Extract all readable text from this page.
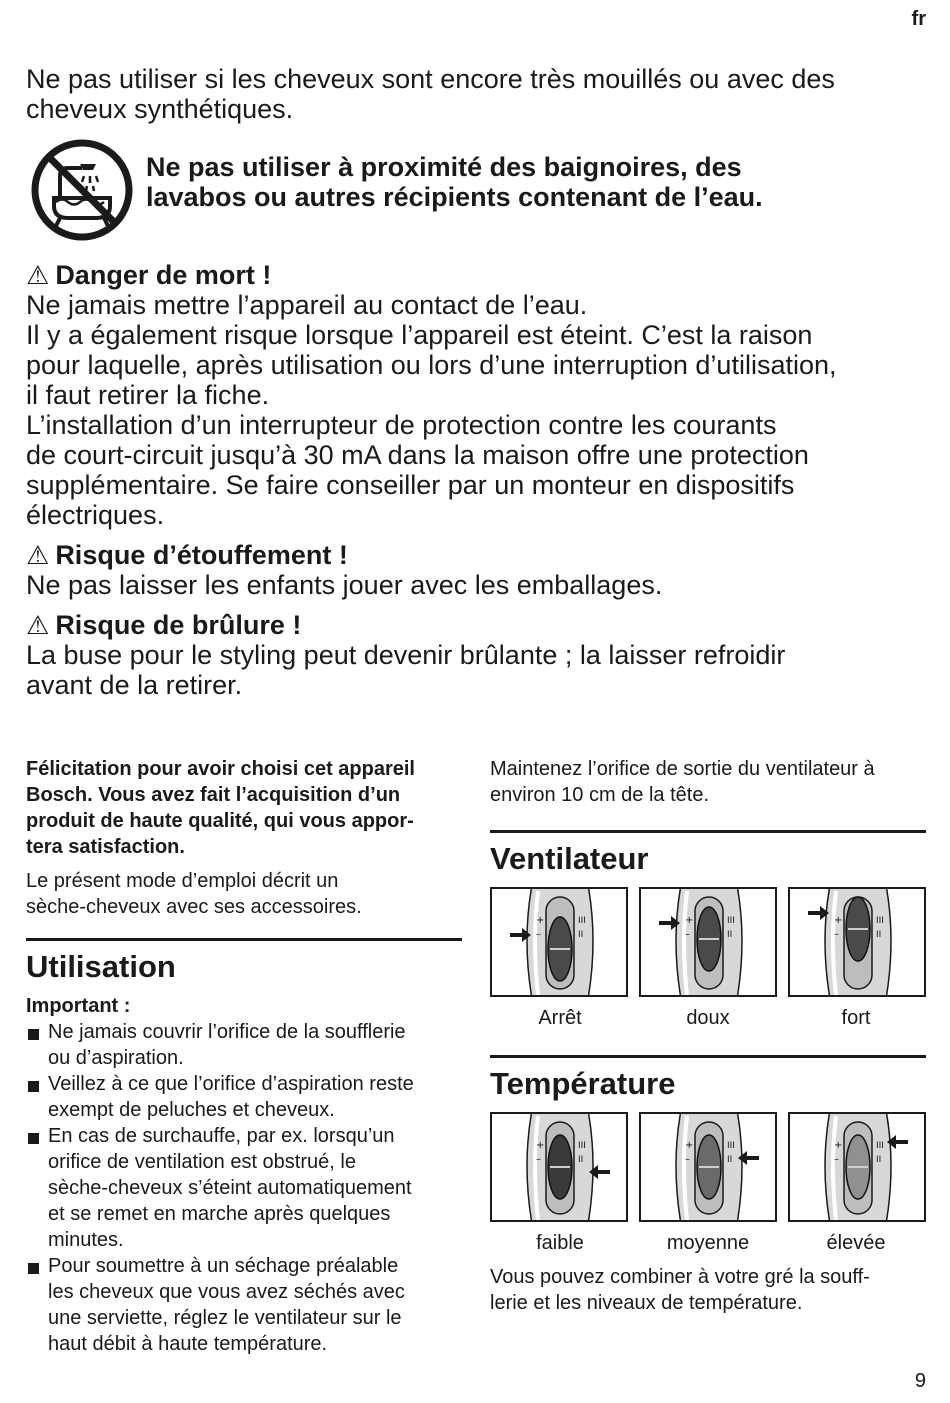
fr

Ne pas utiliser si les cheveux sont encore très mouillés ou avec des

cheveux synthétiques.

Ne pas utiliser à proximité des baignoires, des
lavabos ou autres récipients contenant de l’eau.

⚠ Danger de mort !

Ne jamais mettre l’appareil au contact de l’eau.

Il y a également risque lorsque l’appareil est éteint. C’est la raison

pour laquelle, après utilisation ou lors d’une interruption d’utilisation,

il faut retirer la fiche.

L’installation d’un interrupteur de protection contre les courants

de court-circuit jusqu’à 30 mA dans la maison offre une protection

supplémentaire. Se faire conseiller par un monteur en dispositifs

électriques.

⚠ Risque d’étouffement !

Ne pas laisser les enfants jouer avec les emballages.

⚠ Risque de brûlure !

La buse pour le styling peut devenir brûlante ; la laisser refroidir

avant de la retirer.

Félicitation pour avoir choisi cet appareil

Bosch. Vous avez fait l’acquisition d’un

produit de haute qualité, qui vous appor-

tera satisfaction.

Le présent mode d’emploi décrit un

sèche-cheveux avec ses accessoires.

Utilisation

Important :

Ne jamais couvrir l’orifice de la soufflerie
ou d’aspiration.
Veillez à ce que l’orifice d’aspiration reste
exempt de peluches et cheveux.
En cas de surchauffe, par ex. lorsqu’un
orifice de ventilation est obstrué, le
sèche-cheveux s’éteint automatiquement
et se remet en marche après quelques
minutes.
Pour soumettre à un séchage préalable
les cheveux que vous avez séchés avec
une serviette, réglez le ventilateur sur le
haut débit à haute température.

Maintenez l’orifice de sortie du ventilateur à

environ 10 cm de la tête.

Ventilateur
+
–
III
II
+
–
III
II
+
–
III
II
Arrêt	doux	fort
Température
+
–
III
II
+
–
III
II
+
–
III
II
faible	moyenne	élevée

Vous pouvez combiner à votre gré la souff-

lerie et les niveaux de température.

9
